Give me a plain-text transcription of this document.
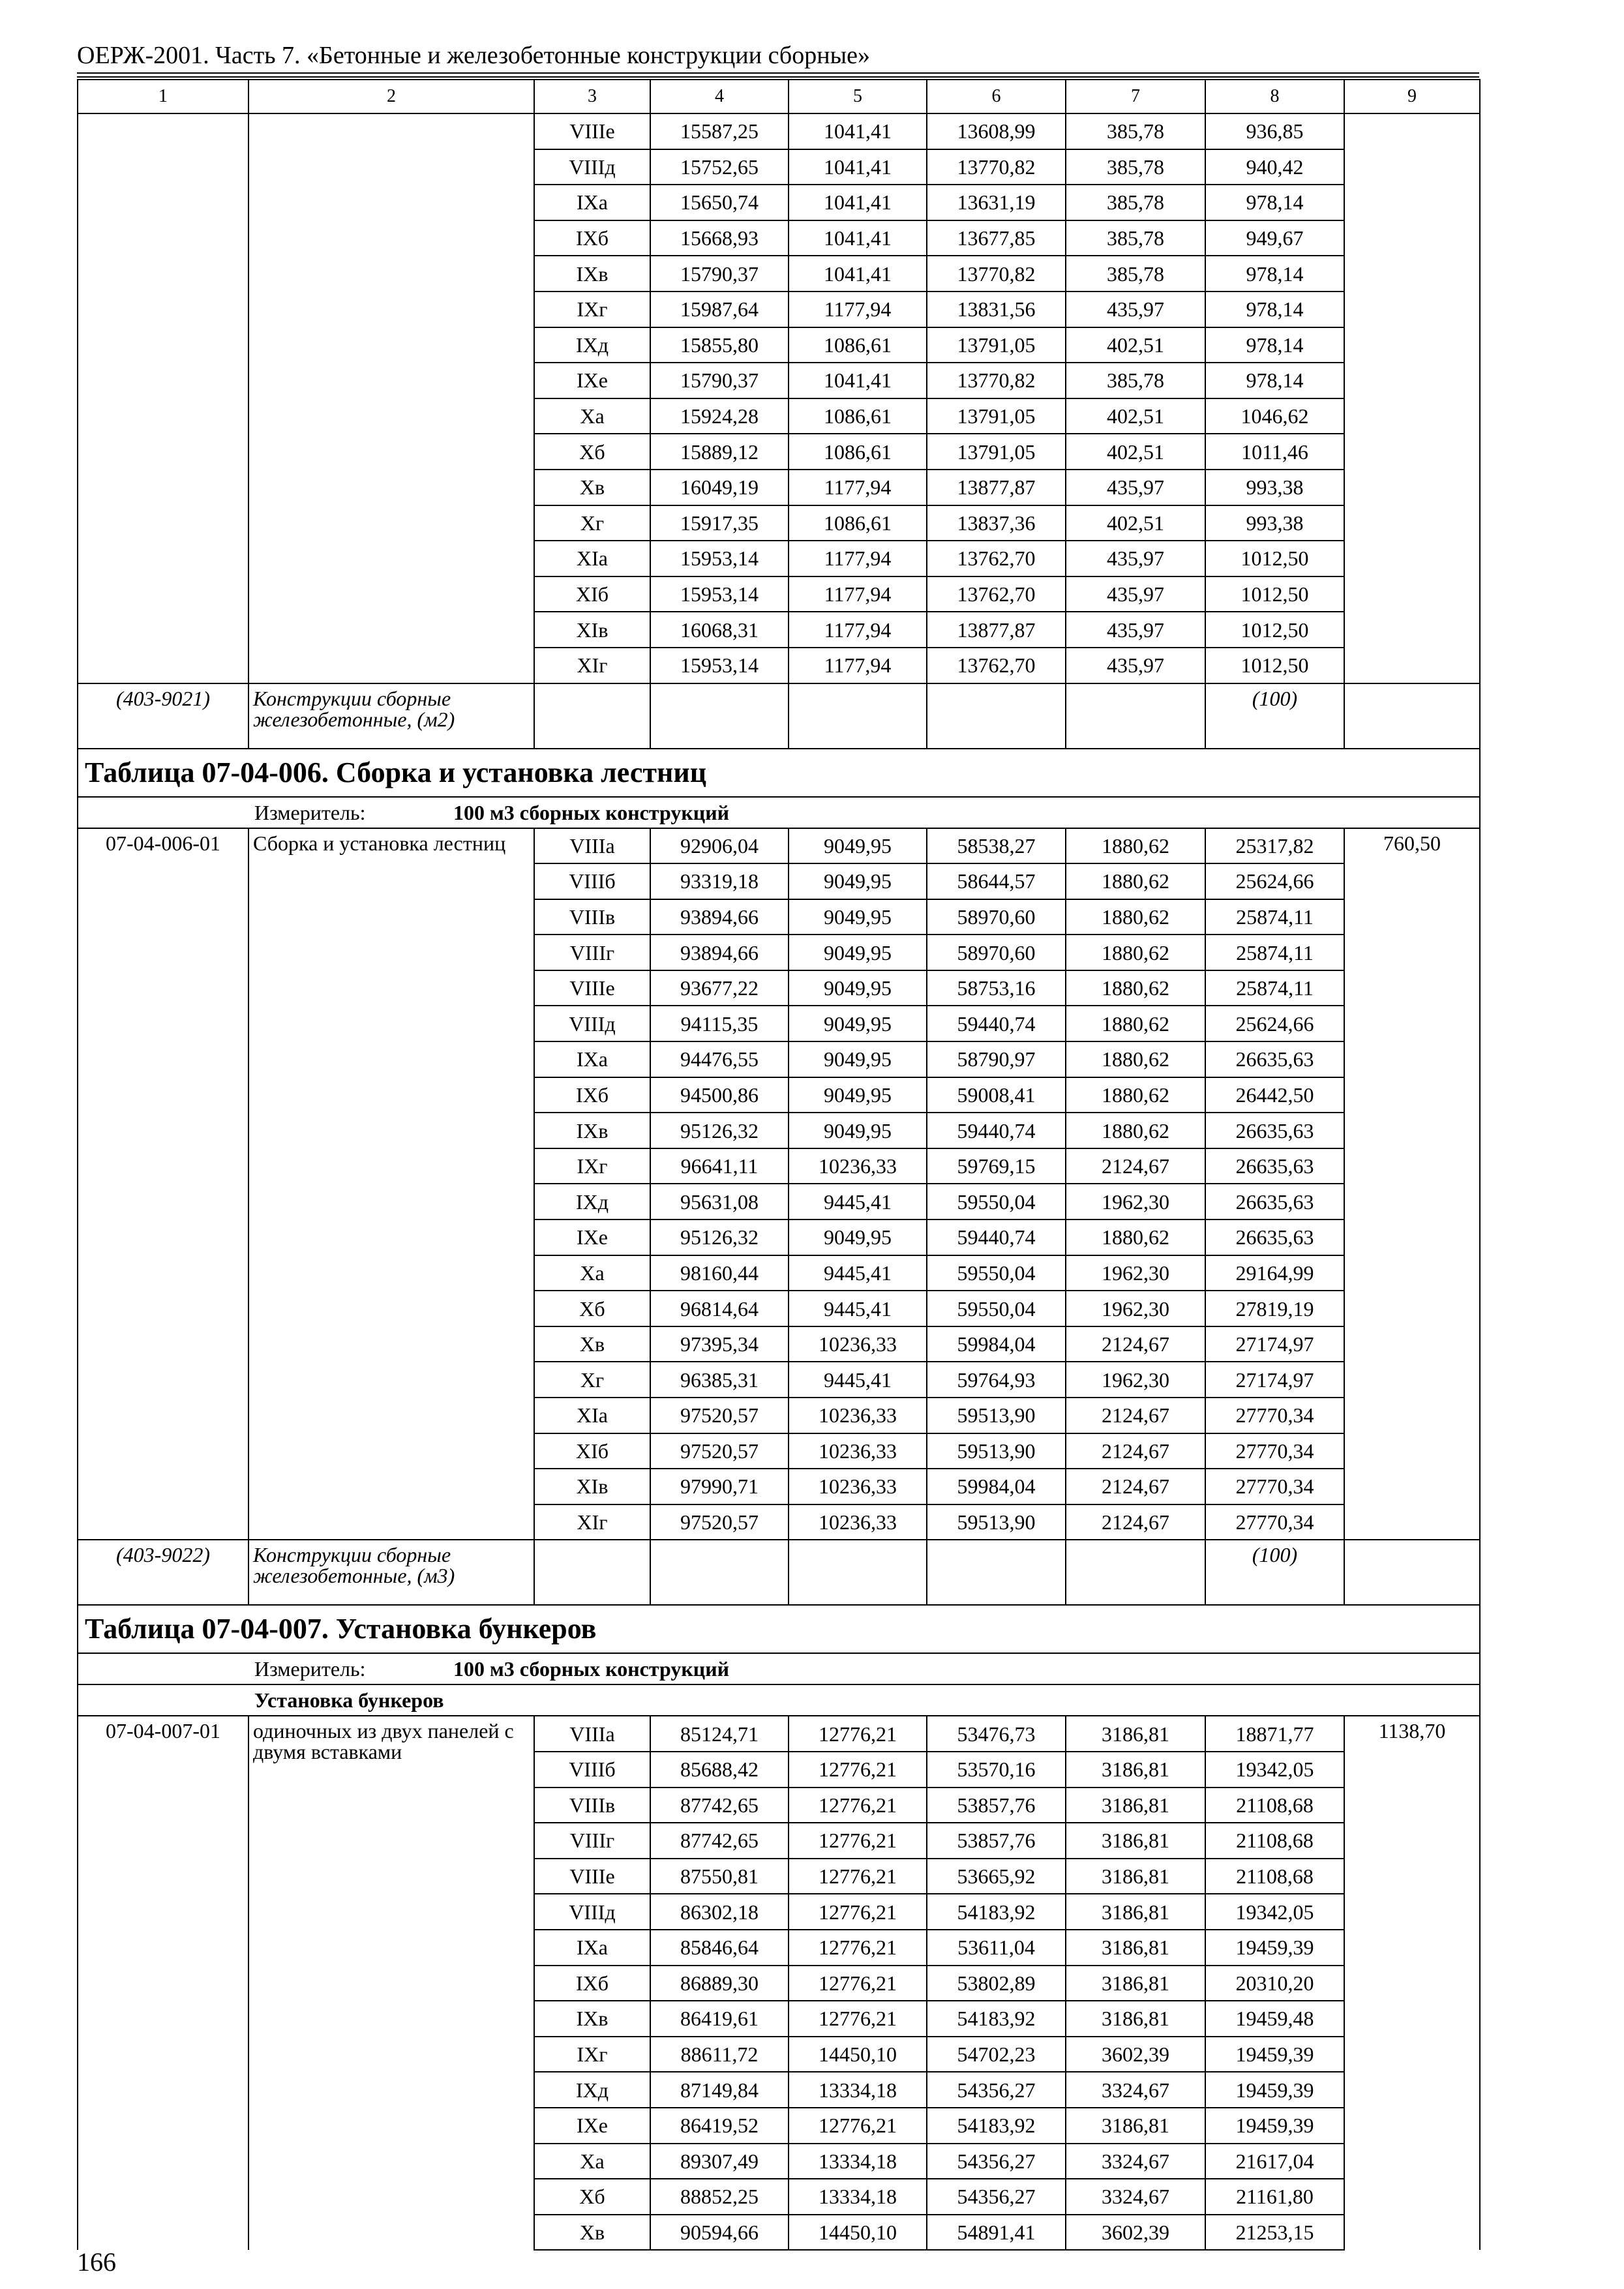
ОЕРЖ-2001. Часть 7. «Бетонные и железобетонные конструкции сборные»
1	2	3	4	5	6	7	8	9
		VIIIе	15587,25	1041,41	13608,99	385,78	936,85	
		VIIIд	15752,65	1041,41	13770,82	385,78	940,42	
		IXа	15650,74	1041,41	13631,19	385,78	978,14	
		IXб	15668,93	1041,41	13677,85	385,78	949,67	
		IXв	15790,37	1041,41	13770,82	385,78	978,14	
		IXг	15987,64	1177,94	13831,56	435,97	978,14	
		IXд	15855,80	1086,61	13791,05	402,51	978,14	
		IXе	15790,37	1041,41	13770,82	385,78	978,14	
		Xа	15924,28	1086,61	13791,05	402,51	1046,62	
		Xб	15889,12	1086,61	13791,05	402,51	1011,46	
		Xв	16049,19	1177,94	13877,87	435,97	993,38	
		Xг	15917,35	1086,61	13837,36	402,51	993,38	
		XIа	15953,14	1177,94	13762,70	435,97	1012,50	
		XIб	15953,14	1177,94	13762,70	435,97	1012,50	
		XIв	16068,31	1177,94	13877,87	435,97	1012,50	
		XIг	15953,14	1177,94	13762,70	435,97	1012,50	
(403-9021)	Конструкции сборные железобетонные, (м2)						(100)	
Таблица 07-04-006. Сборка и установка лестниц								
Измеритель: 100 м3 сборных конструкций								
07-04-006-01	Сборка и установка лестниц	VIIIа	92906,04	9049,95	58538,27	1880,62	25317,82	760,50
		VIIIб	93319,18	9049,95	58644,57	1880,62	25624,66	
		VIIIв	93894,66	9049,95	58970,60	1880,62	25874,11	
		VIIIг	93894,66	9049,95	58970,60	1880,62	25874,11	
		VIIIе	93677,22	9049,95	58753,16	1880,62	25874,11	
		VIIIд	94115,35	9049,95	59440,74	1880,62	25624,66	
		IXа	94476,55	9049,95	58790,97	1880,62	26635,63	
		IXб	94500,86	9049,95	59008,41	1880,62	26442,50	
		IXв	95126,32	9049,95	59440,74	1880,62	26635,63	
		IXг	96641,11	10236,33	59769,15	2124,67	26635,63	
		IXд	95631,08	9445,41	59550,04	1962,30	26635,63	
		IXе	95126,32	9049,95	59440,74	1880,62	26635,63	
		Xа	98160,44	9445,41	59550,04	1962,30	29164,99	
		Xб	96814,64	9445,41	59550,04	1962,30	27819,19	
		Xв	97395,34	10236,33	59984,04	2124,67	27174,97	
		Xг	96385,31	9445,41	59764,93	1962,30	27174,97	
		XIа	97520,57	10236,33	59513,90	2124,67	27770,34	
		XIб	97520,57	10236,33	59513,90	2124,67	27770,34	
		XIв	97990,71	10236,33	59984,04	2124,67	27770,34	
		XIг	97520,57	10236,33	59513,90	2124,67	27770,34	
(403-9022)	Конструкции сборные железобетонные, (м3)						(100)	
Таблица 07-04-007. Установка бункеров								
Измеритель: 100 м3 сборных конструкций								
Установка бункеров								
07-04-007-01	одиночных из двух панелей с двумя вставками	VIIIа	85124,71	12776,21	53476,73	3186,81	18871,77	1138,70
		VIIIб	85688,42	12776,21	53570,16	3186,81	19342,05	
		VIIIв	87742,65	12776,21	53857,76	3186,81	21108,68	
		VIIIг	87742,65	12776,21	53857,76	3186,81	21108,68	
		VIIIе	87550,81	12776,21	53665,92	3186,81	21108,68	
		VIIIд	86302,18	12776,21	54183,92	3186,81	19342,05	
		IXа	85846,64	12776,21	53611,04	3186,81	19459,39	
		IXб	86889,30	12776,21	53802,89	3186,81	20310,20	
		IXв	86419,61	12776,21	54183,92	3186,81	19459,48	
		IXг	88611,72	14450,10	54702,23	3602,39	19459,39	
		IXд	87149,84	13334,18	54356,27	3324,67	19459,39	
		IXе	86419,52	12776,21	54183,92	3186,81	19459,39	
		Xа	89307,49	13334,18	54356,27	3324,67	21617,04	
		Xб	88852,25	13334,18	54356,27	3324,67	21161,80	
		Xв	90594,66	14450,10	54891,41	3602,39	21253,15	
166
